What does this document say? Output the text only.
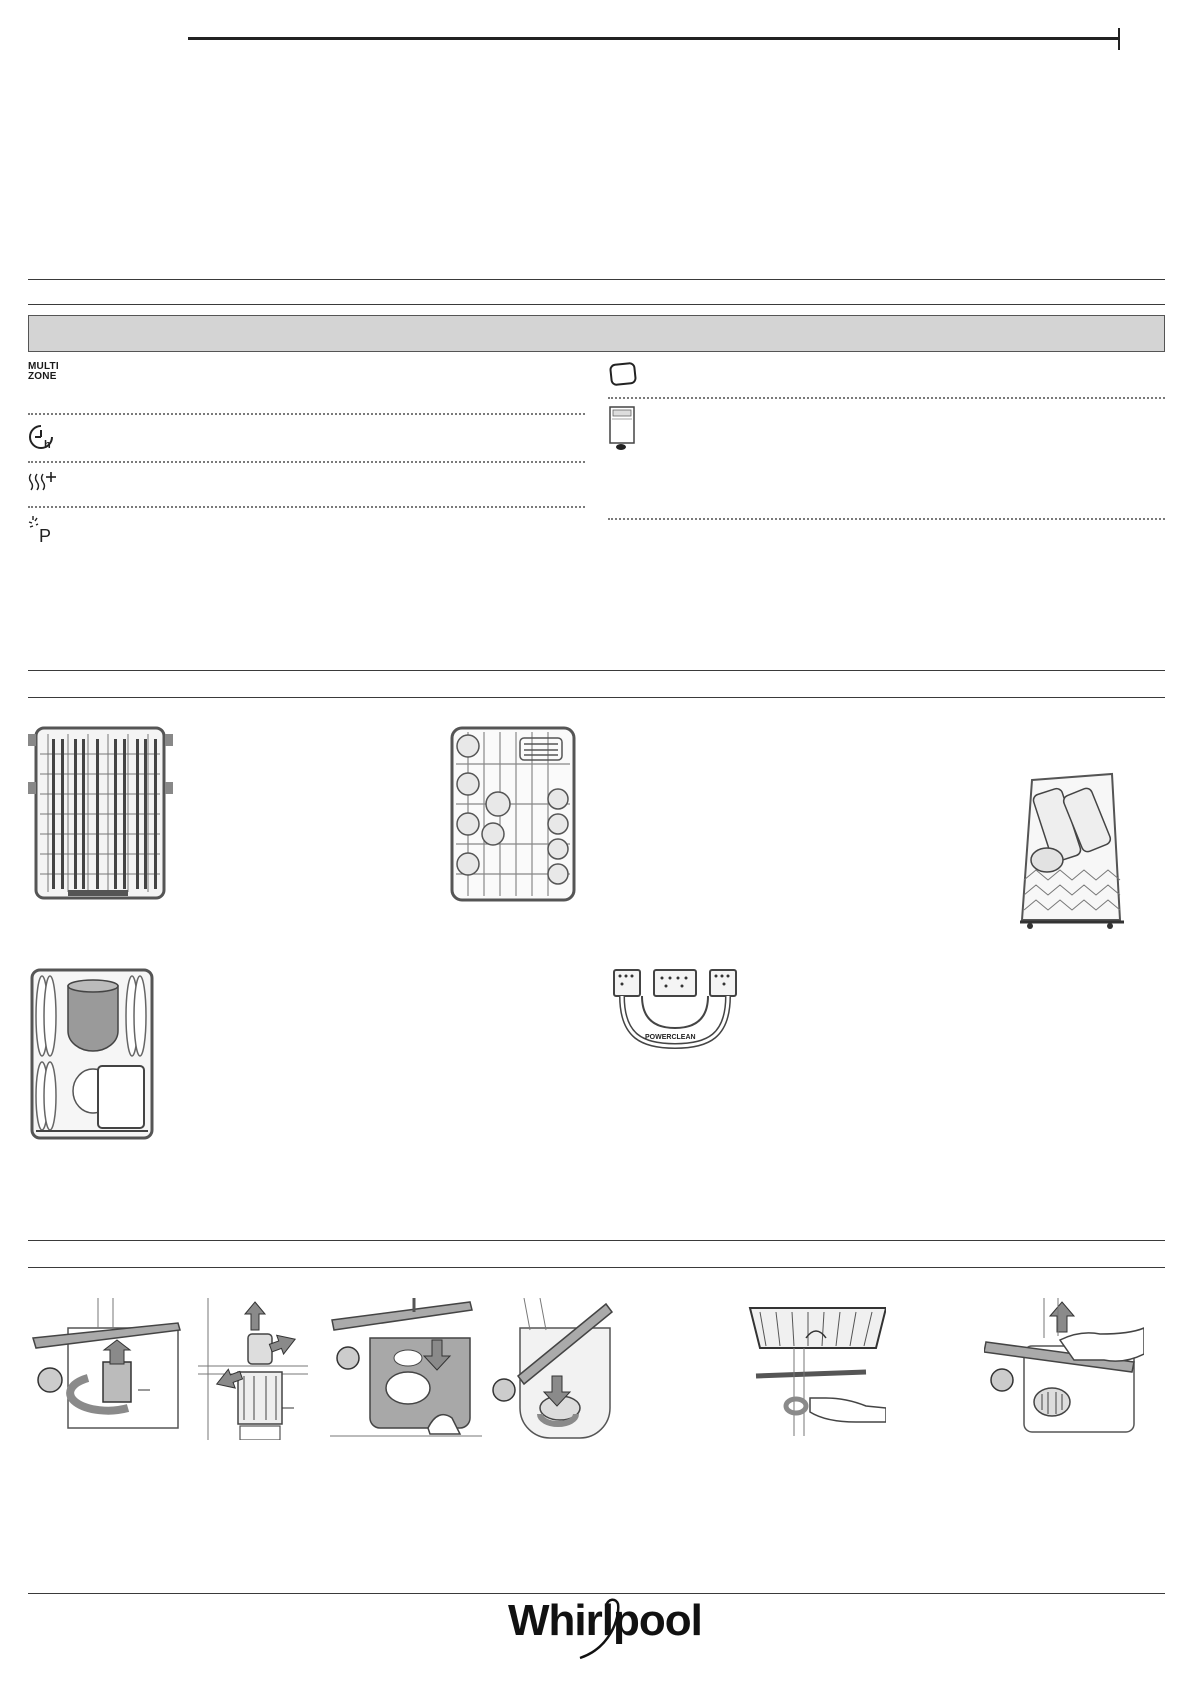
MULTI
ZONE
h
P
POWERCLEAN
Whirlpool
